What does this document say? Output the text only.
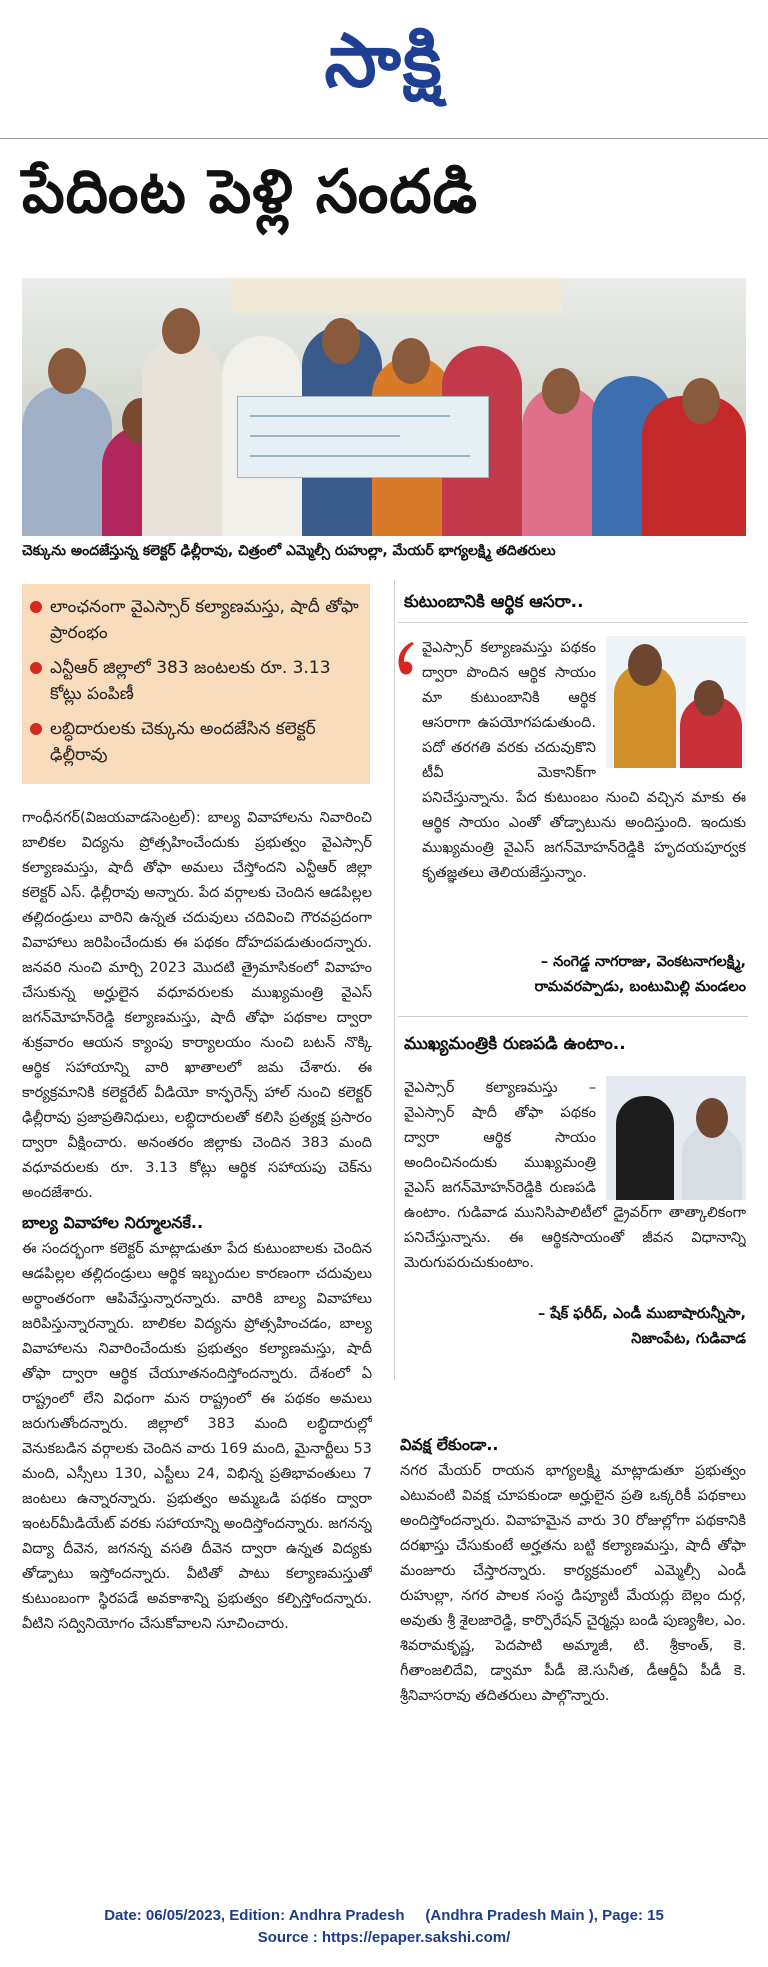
సాక్షి
పేదింట పెళ్లి సందడి
చెక్కును అందజేస్తున్న కలెక్టర్ ఢిల్లీరావు, చిత్రంలో ఎమ్మెల్సీ రుహుల్లా, మేయర్ భాగ్యలక్ష్మి తదితరులు
లాంఛనంగా వైఎస్సార్ కల్యాణమస్తు, షాదీ తోఫా ప్రారంభం
ఎన్టీఆర్ జిల్లాలో 383 జంటలకు రూ. 3.13 కోట్లు పంపిణీ
లబ్ధిదారులకు చెక్కును అందజేసిన కలెక్టర్ ఢిల్లీరావు

గాంధీనగర్(విజయవాడసెంట్రల్): బాల్య వివాహాలను నివారించి బాలికల విద్యను ప్రోత్సహించేందుకు ప్రభుత్వం వైఎస్సార్ కల్యాణమస్తు, షాదీ తోఫా అమలు చేస్తోందని ఎన్టీఆర్ జిల్లా కలెక్టర్ ఎస్. ఢిల్లీరావు అన్నారు. పేద వర్గాలకు చెందిన ఆడపిల్లల తల్లిదండ్రులు వారిని ఉన్నత చదువులు చదివించి గౌరవప్రదంగా వివాహాలు జరిపించేందుకు ఈ పథకం దోహదపడుతుందన్నారు. జనవరి నుంచి మార్చి 2023 మొదటి త్రైమాసికంలో వివాహం చేసుకున్న అర్హులైన వధూవరులకు ముఖ్యమంత్రి వైఎస్ జగన్‌మోహన్‌రెడ్డి కల్యాణమస్తు, షాదీ తోఫా పథకాల ద్వారా శుక్రవారం ఆయన క్యాంపు కార్యాలయం నుంచి బటన్ నొక్కి ఆర్థిక సహాయాన్ని వారి ఖాతాలలో జమ చేశారు. ఈ కార్యక్రమానికి కలెక్టరేట్ వీడియో కాన్ఫరెన్స్ హాల్ నుంచి కలెక్టర్ ఢిల్లీరావు ప్రజాప్రతినిధులు, లబ్ధిదారులతో కలిసి ప్రత్యక్ష ప్రసారం ద్వారా వీక్షించారు. అనంతరం జిల్లాకు చెందిన 383 మంది వధూవరులకు రూ. 3.13 కోట్లు ఆర్థిక సహాయపు చెక్‌ను అందజేశారు.

బాల్య వివాహాల నిర్మూలనకే..

ఈ సందర్భంగా కలెక్టర్ మాట్లాడుతూ పేద కుటుంబాలకు చెందిన ఆడపిల్లల తల్లిదండ్రులు ఆర్థిక ఇబ్బందుల కారణంగా చదువులు అర్థాంతరంగా ఆపివేస్తున్నారన్నారు. వారికి బాల్య వివాహాలు జరిపిస్తున్నారన్నారు. బాలికల విద్యను ప్రోత్సహించడం, బాల్య వివాహాలను నివారించేందుకు ప్రభుత్వం కల్యాణమస్తు, షాదీ తోఫా ద్వారా ఆర్థిక చేయూతనందిస్తోందన్నారు. దేశంలో ఏ రాష్ట్రంలో లేని విధంగా మన రాష్ట్రంలో ఈ పథకం అమలు జరుగుతోందన్నారు. జిల్లాలో 383 మంది లబ్ధిదారుల్లో వెనుకబడిన వర్గాలకు చెందిన వారు 169 మంది, మైనార్టీలు 53 మంది, ఎస్సీలు 130, ఎస్టీలు 24, విభిన్న ప్రతిభావంతులు 7 జంటలు ఉన్నారన్నారు. ప్రభుత్వం అమ్మఒడి పథకం ద్వారా ఇంటర్‌మీడియేట్ వరకు సహాయాన్ని అందిస్తోందన్నారు. జగనన్న విద్యా దీవెన, జగనన్న వసతి దీవెన ద్వారా ఉన్నత విద్యకు తోడ్పాటు ఇస్తోందన్నారు. వీటితో పాటు కల్యాణమస్తుతో కుటుంబంగా స్థిరపడే అవకాశాన్ని ప్రభుత్వం కల్పిస్తోందన్నారు. వీటిని సద్వినియోగం చేసుకోవాలని సూచించారు.

కుటుంబానికి ఆర్థిక ఆసరా..
వైఎస్సార్ కల్యాణమస్తు పథకం ద్వారా పొందిన ఆర్థిక సాయం మా కుటుంబానికి ఆర్థిక ఆసరాగా ఉపయోగపడుతుంది. పదో తరగతి వరకు చదువుకొని టీవీ మెకానిక్‌గా పనిచేస్తున్నాను. పేద కుటుంబం నుంచి వచ్చిన మాకు ఈ ఆర్థిక సాయం ఎంతో తోడ్పాటును అందిస్తుంది. ఇందుకు ముఖ్యమంత్రి వైఎస్ జగన్‌మోహన్‌రెడ్డికి హృదయపూర్వక కృతజ్ఞతలు తెలియజేస్తున్నాం.
– నంగెడ్డ నాగరాజు, వెంకటనాగలక్ష్మి,
రామవరప్పాడు, బంటుమిల్లి మండలం
ముఖ్యమంత్రికి రుణపడి ఉంటాం..
వైఎస్సార్ కల్యాణమస్తు – వైఎస్సార్ షాదీ తోఫా పథకం ద్వారా ఆర్థిక సాయం అందించినందుకు ముఖ్యమంత్రి వైఎస్ జగన్‌మోహన్‌రెడ్డికి రుణపడి ఉంటాం. గుడివాడ మునిసిపాలిటీలో డ్రైవర్‌గా తాత్కాలికంగా పనిచేస్తున్నాను. ఈ ఆర్థికసాయంతో జీవన విధానాన్ని మెరుగుపరుచుకుంటాం.
– షేక్ ఫరీద్, ఎండీ ముబాషారున్నీసా,
నిజాంపేట, గుడివాడ
వివక్ష లేకుండా..

నగర మేయర్ రాయన భాగ్యలక్ష్మి మాట్లాడుతూ ప్రభుత్వం ఎటువంటి వివక్ష చూపకుండా అర్హులైన ప్రతి ఒక్కరికీ పథకాలు అందిస్తోందన్నారు. వివాహమైన వారు 30 రోజుల్లోగా పథకానికి దరఖాస్తు చేసుకుంటే అర్హతను బట్టి కల్యాణమస్తు, షాదీ తోఫా మంజూరు చేస్తారన్నారు. కార్యక్రమంలో ఎమ్మెల్సీ ఎండీ రుహుల్లా, నగర పాలక సంస్థ డిప్యూటీ మేయర్లు బెల్లం దుర్గ, అవుతు శ్రీ శైలజారెడ్డి, కార్పొరేషన్ చైర్మన్లు బండి పుణ్యశీల, ఎం. శివరామకృష్ణ, పెదపాటి అమ్మాజీ, టి. శ్రీకాంత్, కె. గీతాంజలిదేవి, డ్వామా పీడీ జె.సునీత, డీఆర్డీఏ పీడీ కె. శ్రీనివాసరావు తదితరులు పాల్గొన్నారు.

Date: 06/05/2023, Edition: Andhra Pradesh     (Andhra Pradesh Main ), Page: 15
Source : https://epaper.sakshi.com/
